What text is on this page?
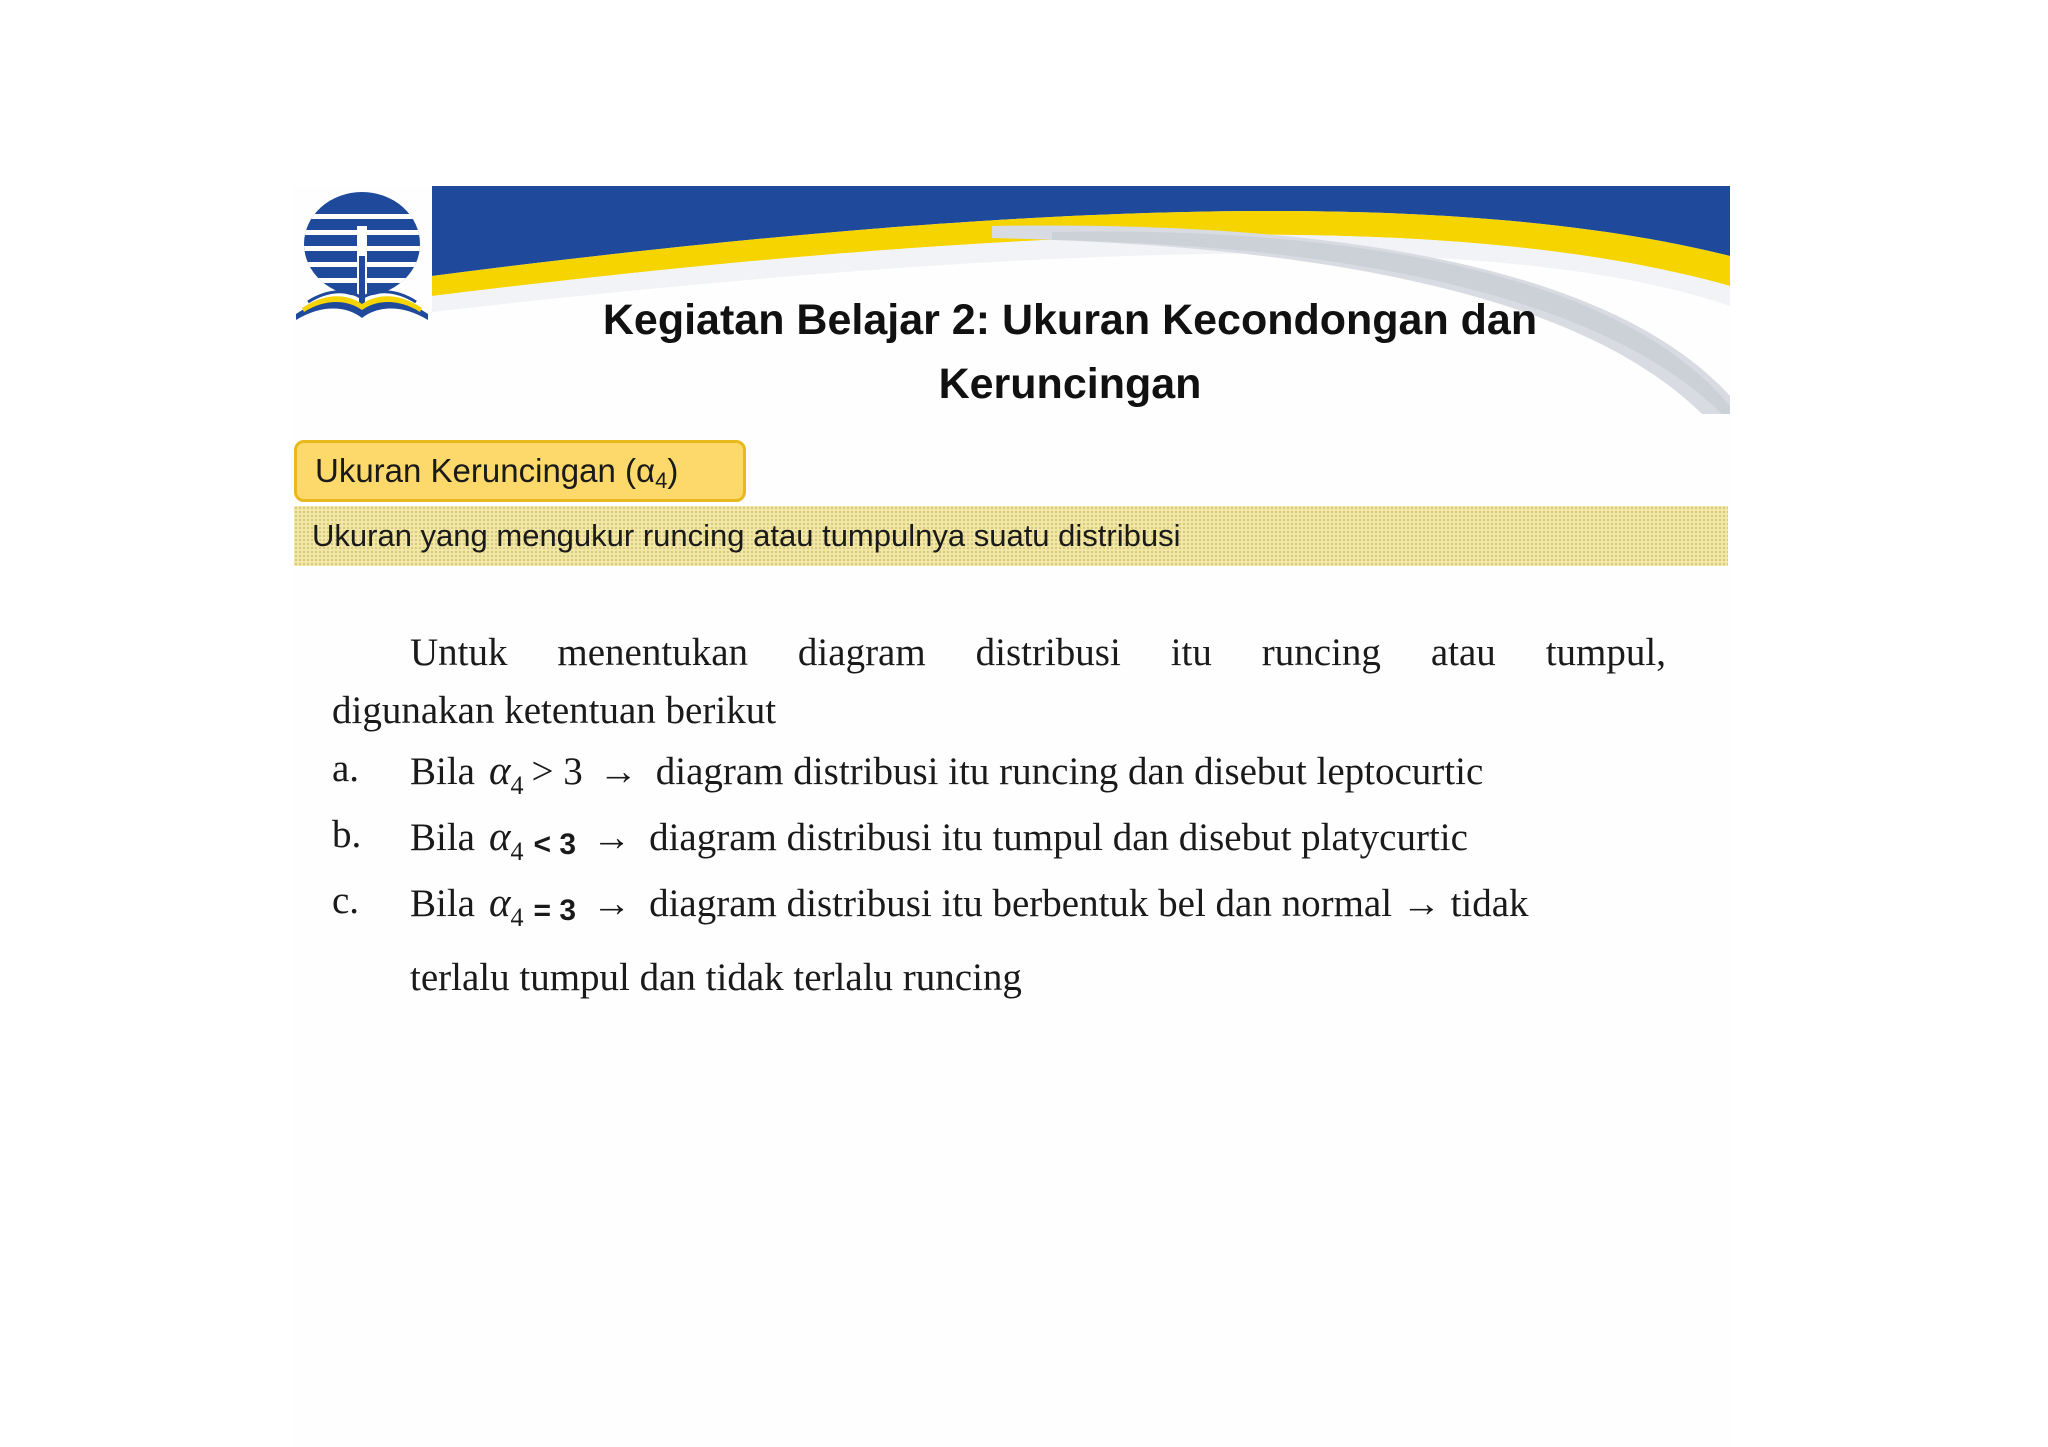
Kegiatan Belajar 2: Ukuran Kecondongan dan
Keruncingan
Ukuran Keruncingan $(\alpha_4)$
Ukuran yang mengukur runcing atau tumpulnya suatu distribusi
Untuk menentukan diagram distribusi itu runcing atau tumpul,
digunakan ketentuan berikut
a. Bila $\alpha_4 > 3$ → diagram distribusi itu runcing dan disebut leptocurtic
b. Bila $\alpha_4 < 3$ → diagram distribusi itu tumpul dan disebut platycurtic
c. Bila $\alpha_4 = 3$ → diagram distribusi itu berbentuk bel dan normal → tidak
terlalu tumpul dan tidak terlalu runcing
